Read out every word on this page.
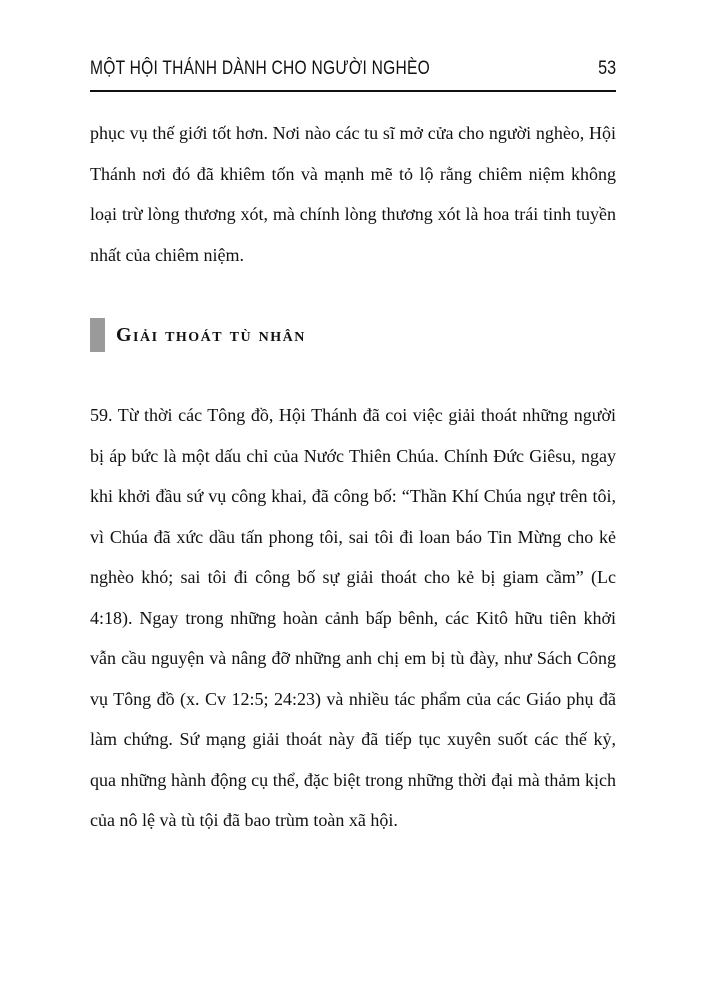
MỘT HỘI THÁNH DÀNH CHO NGƯỜI NGHÈO	53

phục vụ thế giới tốt hơn. Nơi nào các tu sĩ mở cửa cho người nghèo, Hội Thánh nơi đó đã khiêm tốn và mạnh mẽ tỏ lộ rằng chiêm niệm không loại trừ lòng thương xót, mà chính lòng thương xót là hoa trái tinh tuyền nhất của chiêm niệm.

Giải thoát tù nhân

59. Từ thời các Tông đồ, Hội Thánh đã coi việc giải thoát những người bị áp bức là một dấu chỉ của Nước Thiên Chúa. Chính Đức Giêsu, ngay khi khởi đầu sứ vụ công khai, đã công bố: “Thần Khí Chúa ngự trên tôi, vì Chúa đã xức dầu tấn phong tôi, sai tôi đi loan báo Tin Mừng cho kẻ nghèo khó; sai tôi đi công bố sự giải thoát cho kẻ bị giam cầm” (Lc 4:18). Ngay trong những hoàn cảnh bấp bênh, các Kitô hữu tiên khởi vẫn cầu nguyện và nâng đỡ những anh chị em bị tù đày, như Sách Công vụ Tông đồ (x. Cv 12:5; 24:23) và nhiều tác phẩm của các Giáo phụ đã làm chứng. Sứ mạng giải thoát này đã tiếp tục xuyên suốt các thế kỷ, qua những hành động cụ thể, đặc biệt trong những thời đại mà thảm kịch của nô lệ và tù tội đã bao trùm toàn xã hội.
